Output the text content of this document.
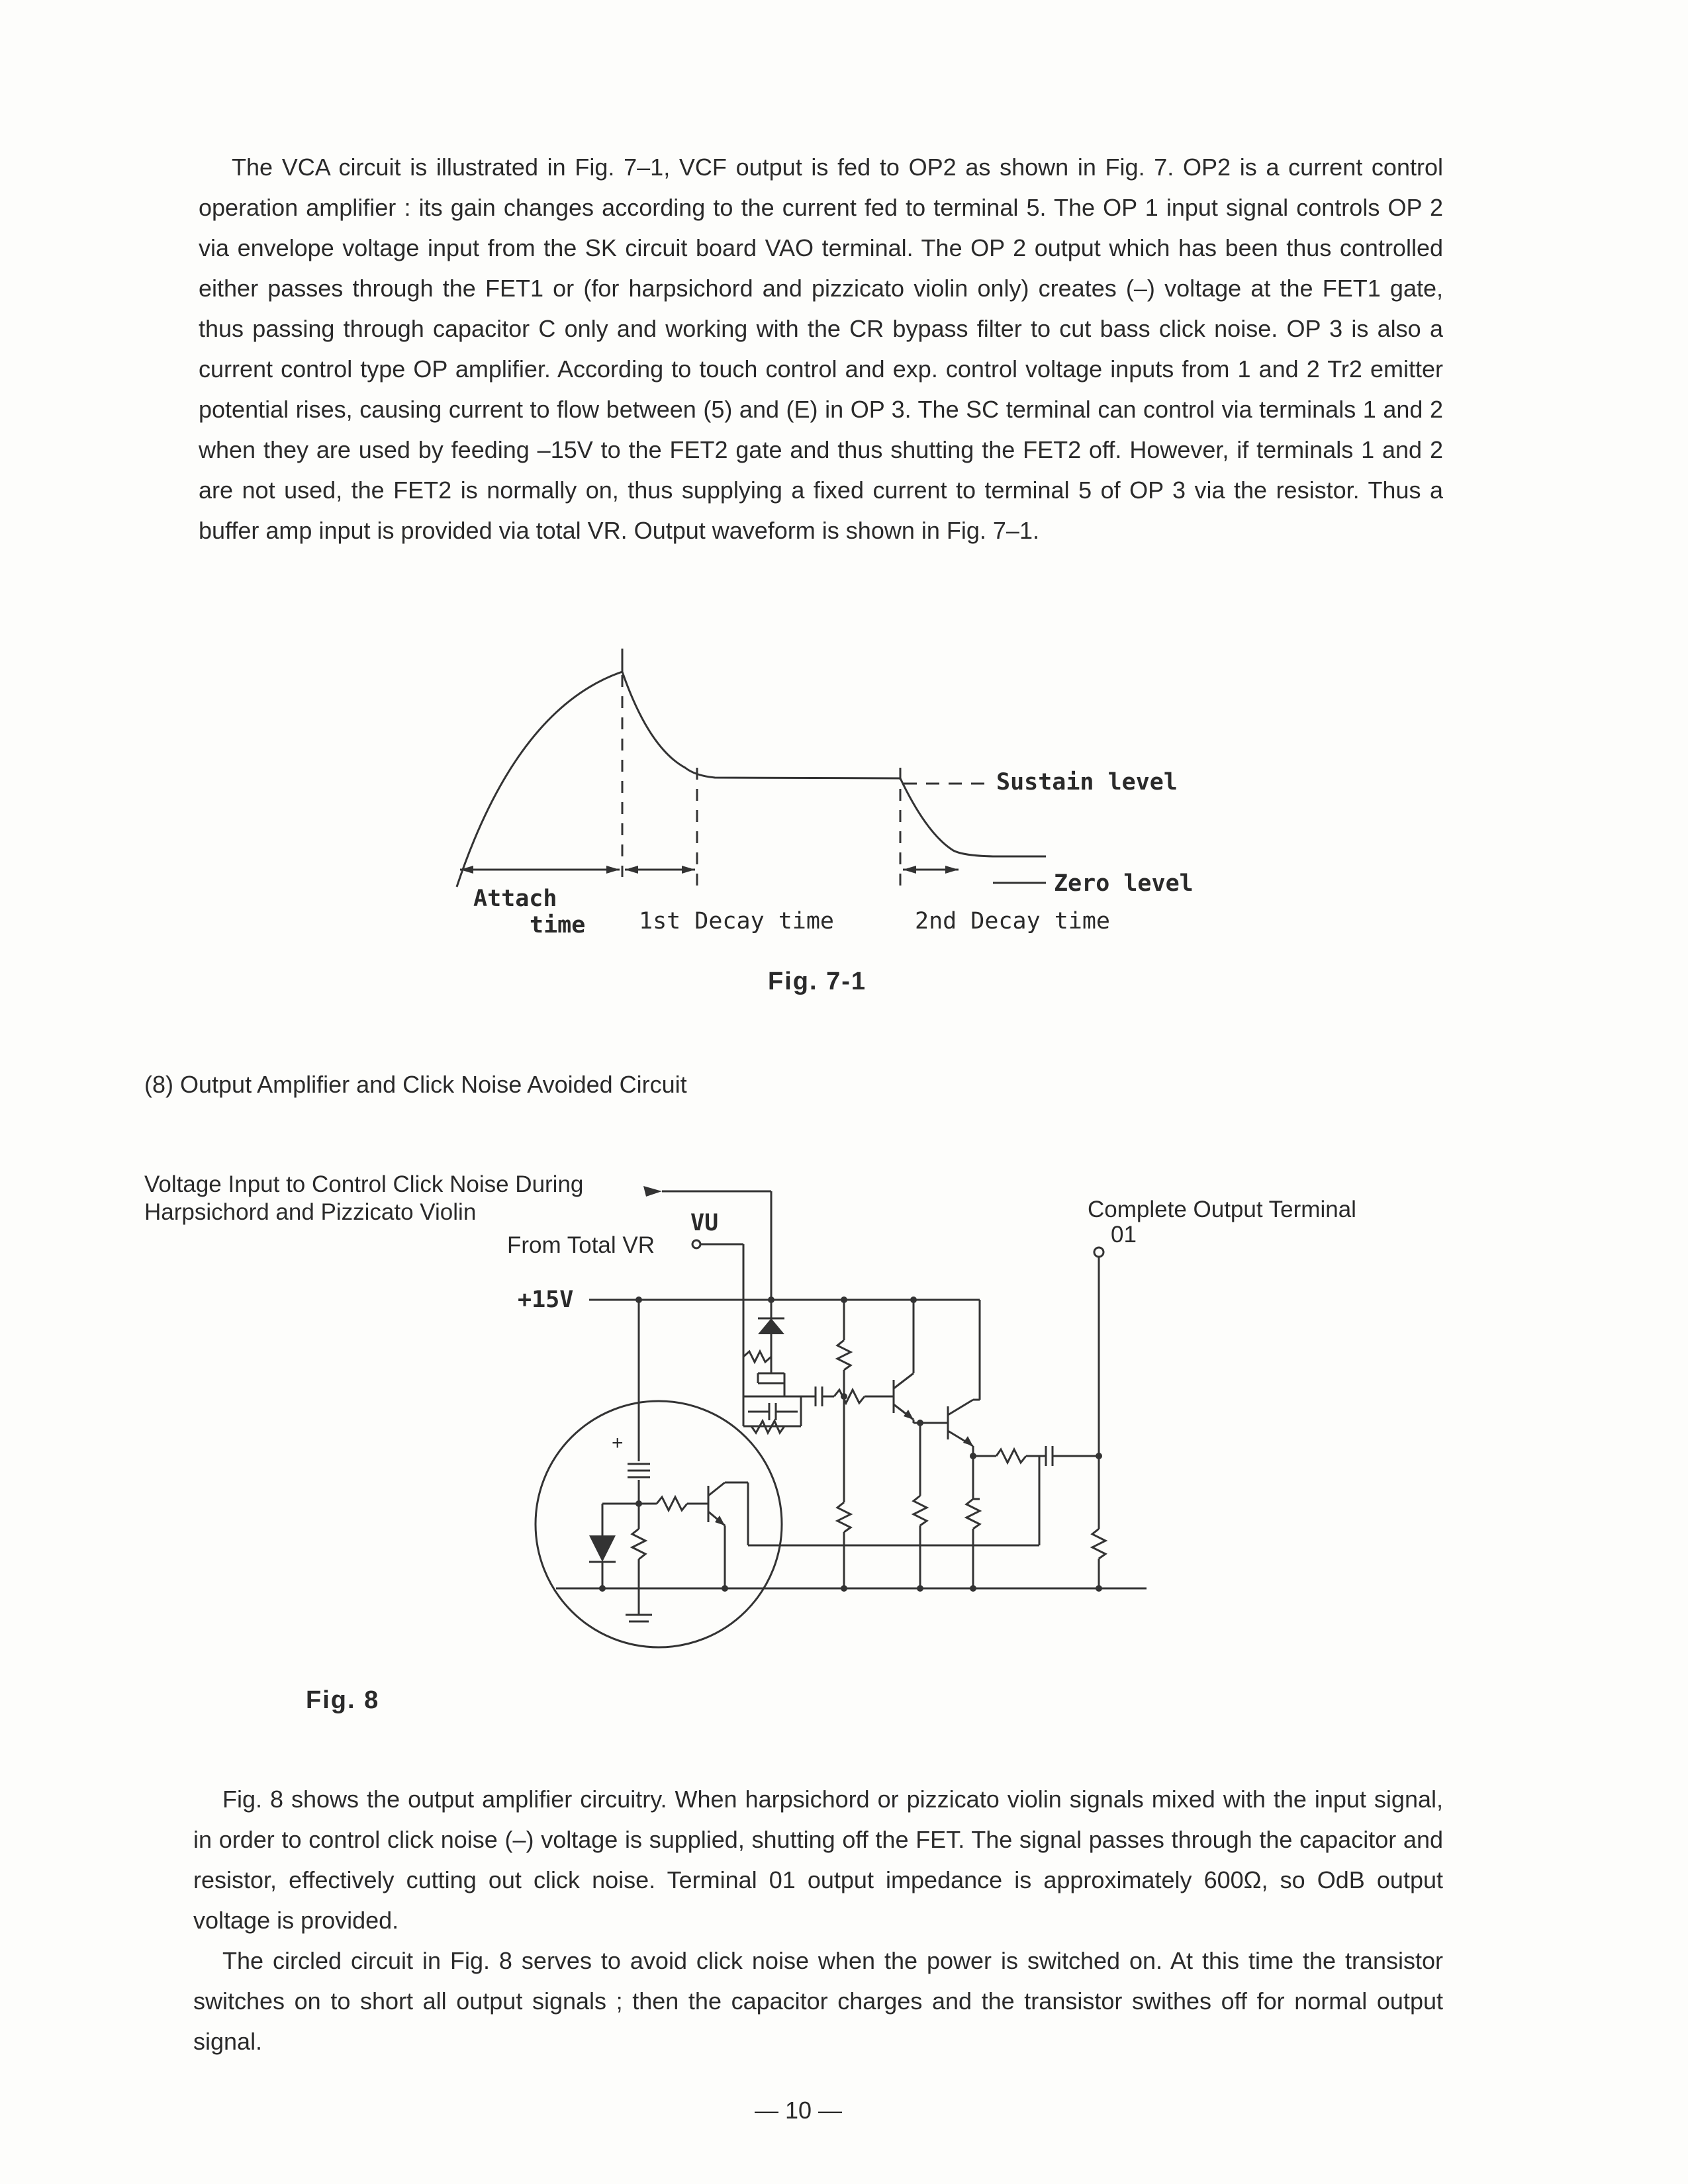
The VCA circuit is illustrated in Fig. 7–1, VCF output is fed to OP2 as shown in Fig. 7. OP2 is a current control operation amplifier : its gain changes according to the current fed to terminal 5. The OP 1 input signal controls OP 2 via envelope voltage input from the SK circuit board VAO terminal. The OP 2 output which has been thus controlled either passes through the FET1 or (for harpsichord and pizzicato violin only) creates (–) voltage at the FET1 gate, thus passing through capacitor C only and working with the CR bypass filter to cut bass click noise. OP 3 is also a current control type OP amplifier. According to touch control and exp. control voltage inputs from 1 and 2 Tr2 emitter potential rises, causing current to flow between (5) and (E) in OP 3. The SC terminal can control via terminals 1 and 2 when they are used by feeding –15V to the FET2 gate and thus shutting the FET2 off. However, if terminals 1 and 2 are not used, the FET2 is normally on, thus supplying a fixed current to terminal 5 of OP 3 via the resistor. Thus a buffer amp input is provided via total VR. Output waveform is shown in Fig. 7–1.

Sustain level
Zero level
Attach
time 1st Decay time	2nd Decay time
Fig. 7-1
(8) Output Amplifier and Click Noise Avoided Circuit
Voltage Input to Control Click Noise During
Harpsichord and Pizzicato Violin	VU
From Total VR
+15V
Complete Output Terminal
01
+
Fig. 8

Fig. 8 shows the output amplifier circuitry. When harpsichord or pizzicato violin signals mixed with the input signal, in order to control click noise (–) voltage is supplied, shutting off the FET. The signal passes through the capacitor and resistor, effectively cutting out click noise. Terminal 01 output impedance is approximately 600Ω, so OdB output voltage is provided.

The circled circuit in Fig. 8 serves to avoid click noise when the power is switched on. At this time the transistor switches on to short all output signals ; then the capacitor charges and the transistor swithes off for normal output signal.

— 10 —
